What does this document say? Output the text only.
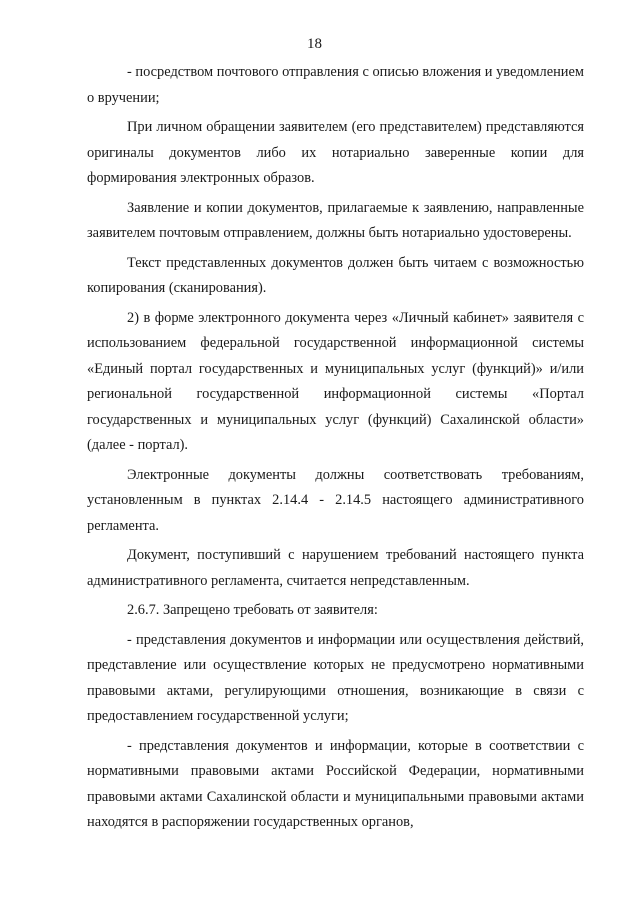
18

- посредством почтового отправления с описью вложения и уведомлением о вручении;

При личном обращении заявителем (его представителем) представляются оригиналы документов либо их нотариально заверенные копии для формирования электронных образов.

Заявление и копии документов, прилагаемые к заявлению, направленные заявителем почтовым отправлением, должны быть нотариально удостоверены.

Текст представленных документов должен быть читаем с возможностью копирования (сканирования).

2) в форме электронного документа через «Личный кабинет» заявителя с использованием федеральной государственной информационной системы «Единый портал государственных и муниципальных услуг (функций)» и/или региональной государственной информационной системы «Портал государственных и муниципальных услуг (функций) Сахалинской области» (далее - портал).

Электронные документы должны соответствовать требованиям, установленным в пунктах 2.14.4 - 2.14.5 настоящего административного регламента.

Документ, поступивший с нарушением требований настоящего пункта административного регламента, считается непредставленным.

2.6.7. Запрещено требовать от заявителя:

- представления документов и информации или осуществления действий, представление или осуществление которых не предусмотрено нормативными правовыми актами, регулирующими отношения, возникающие в связи с предоставлением государственной услуги;

- представления документов и информации, которые в соответствии с нормативными правовыми актами Российской Федерации, нормативными правовыми актами Сахалинской области и муниципальными правовыми актами находятся в распоряжении государственных органов,
